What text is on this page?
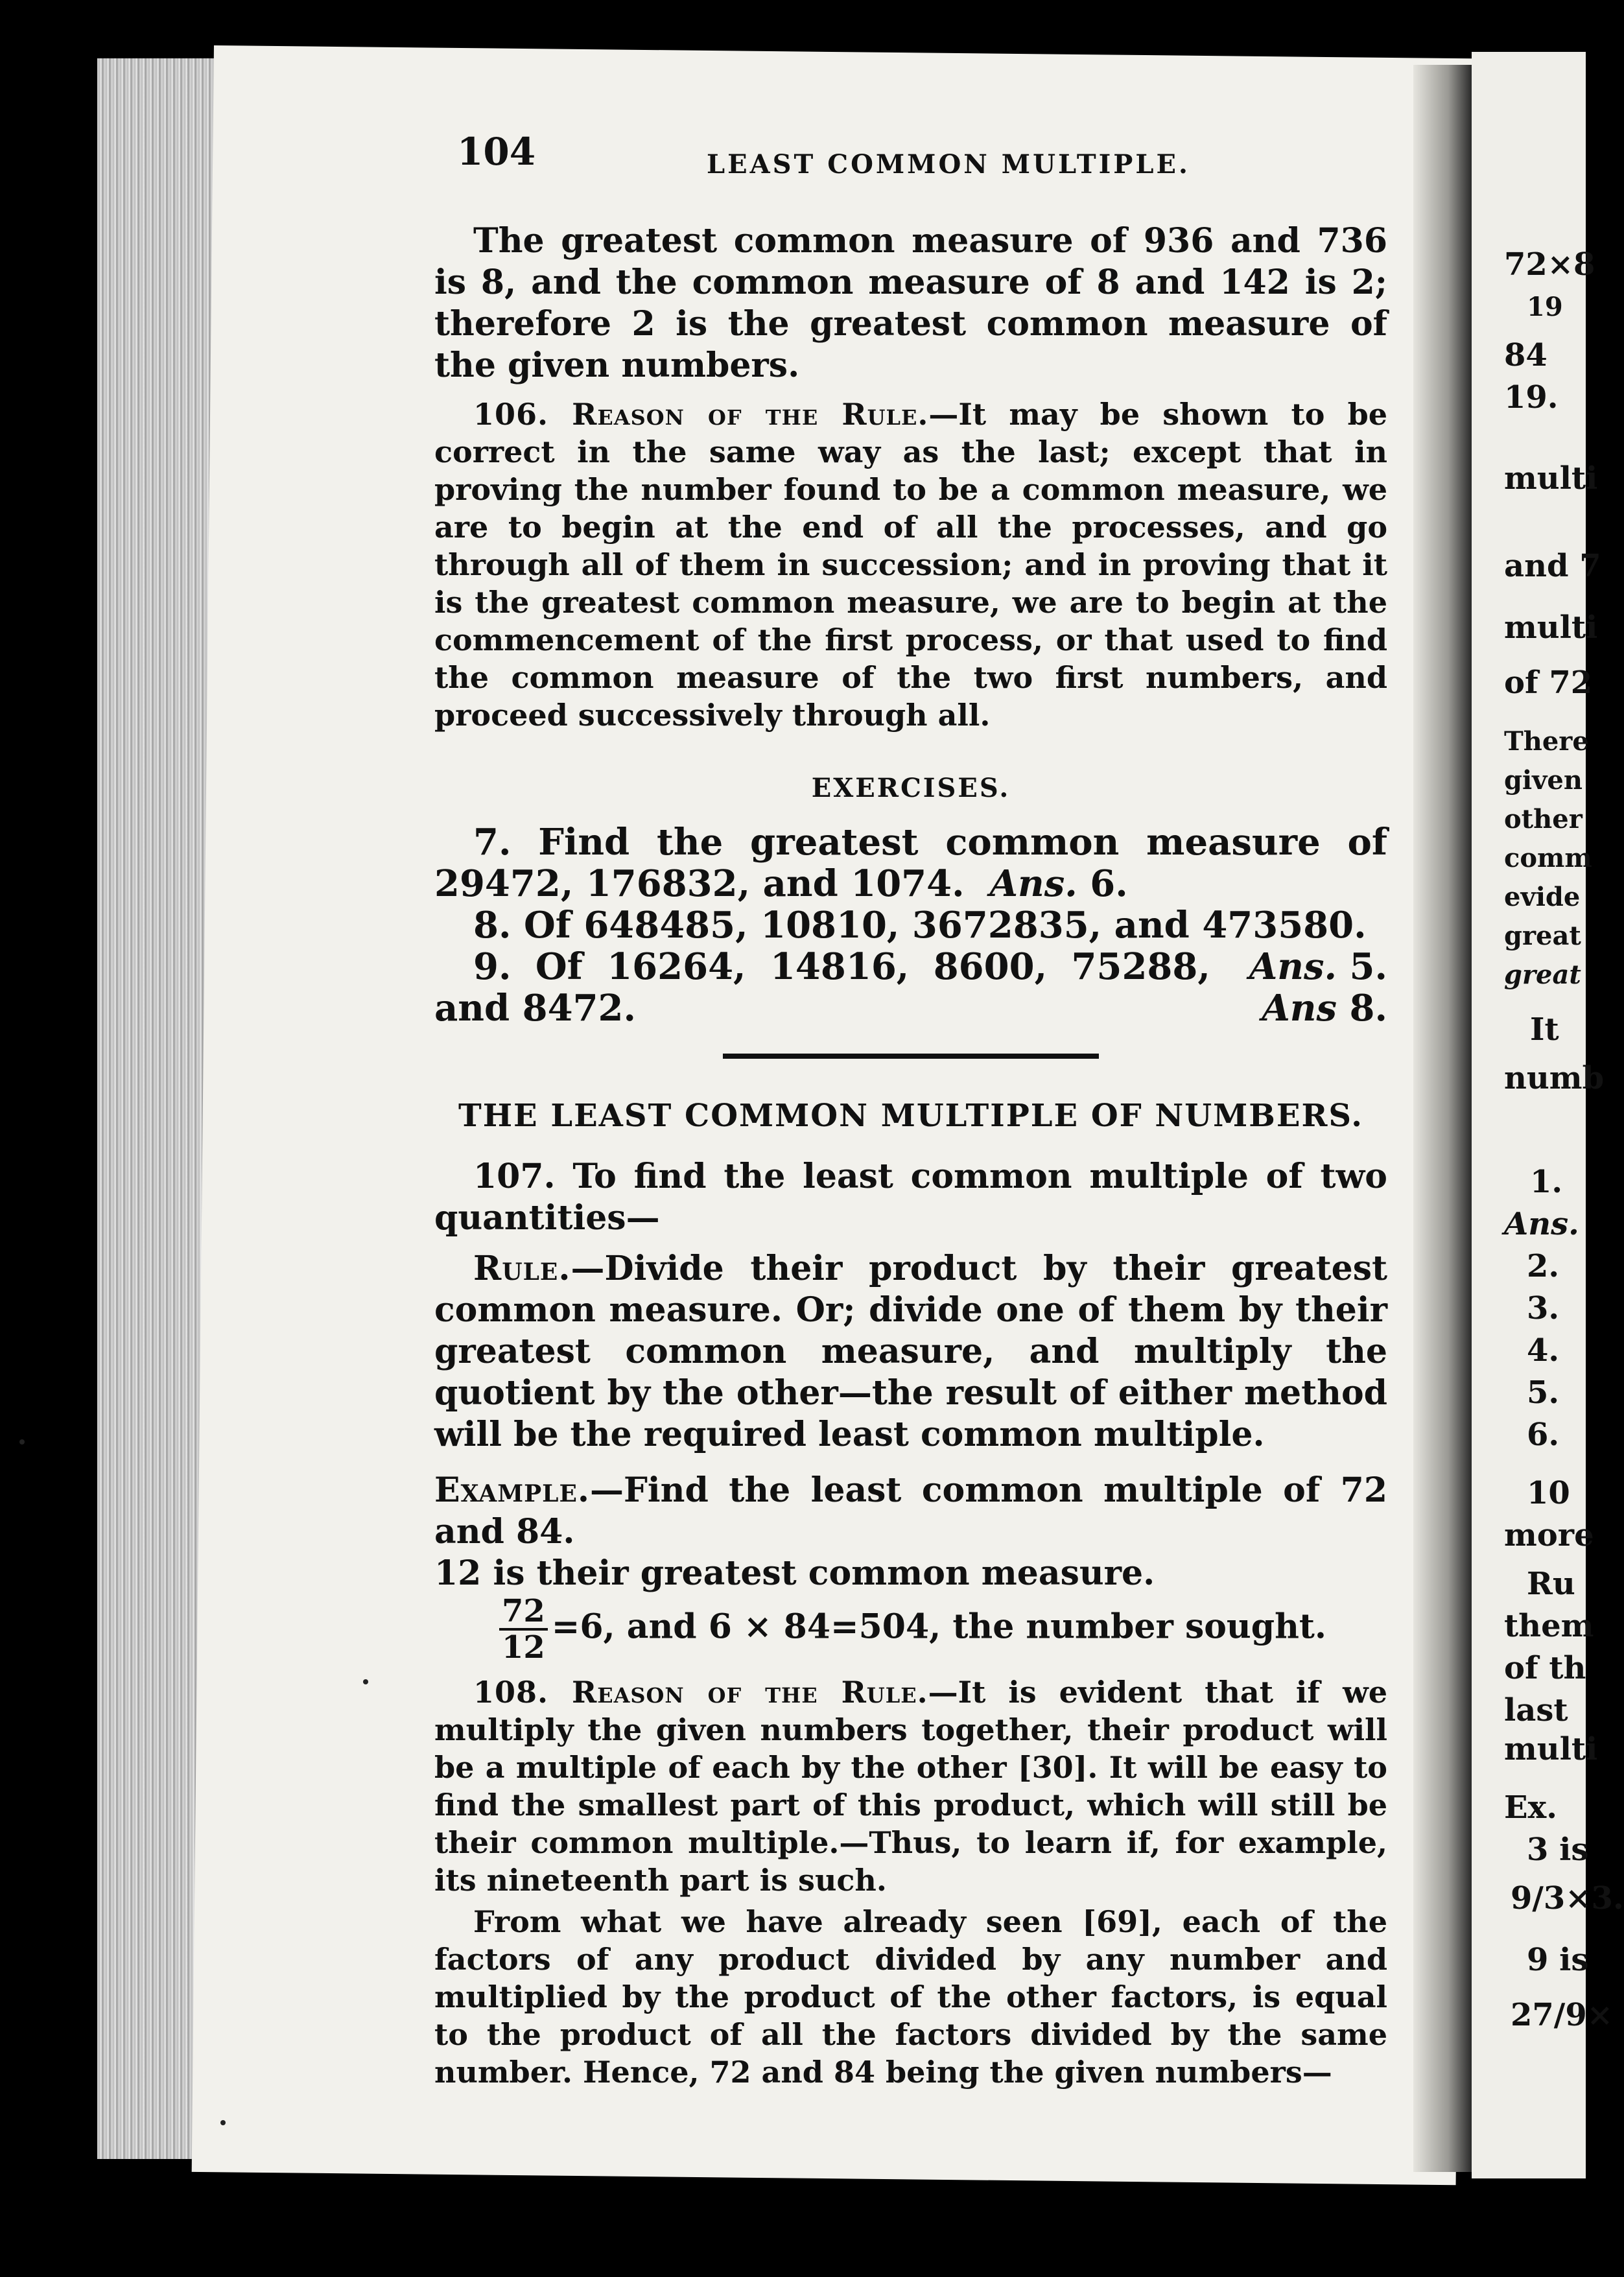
72×8
19
84
19.
multi
and 7
multi
of 72
There
given
other
comm
evide
great
great
It
numb
1.
Ans.
2.
3.
4.
5.
6.
10
more
Ru
them
of th
last
multi
Ex.
3 is
9/3×3.
9 is
27/9×
104	LEAST COMMON MULTIPLE.

The greatest common measure of 936 and 736 is 8, and the common measure of 8 and 142 is 2; therefore 2 is the greatest common measure of the given numbers.

106. Reason of the Rule.—It may be shown to be correct in the same way as the last; except that in proving the number found to be a common measure, we are to begin at the end of all the processes, and go through all of them in succession; and in proving that it is the greatest common measure, we are to begin at the commencement of the first process, or that used to find the common measure of the two first numbers, and proceed successively through all.

EXERCISES.

7. Find the greatest common measure of 29472, 176832, and 1074. Ans. 6.

8. Of 648485, 10810, 3672835, and 473580.
Ans. 5.

9. Of 16264, 14816, 8600, 75288, and 8472.	Ans 8.

THE LEAST COMMON MULTIPLE OF NUMBERS.

107. To find the least common multiple of two quantities—

Rule.—Divide their product by their greatest common measure. Or; divide one of them by their greatest common measure, and multiply the quotient by the other—the result of either method will be the required least common multiple.

Example.—Find the least common multiple of 72 and 84.

12 is their greatest common measure.

$\frac{72}{12} =6$, and 6 × 84=504, the number sought.

108. Reason of the Rule.—It is evident that if we multiply the given numbers together, their product will be a multiple of each by the other [30]. It will be easy to find the smallest part of this product, which will still be their common multiple.—Thus, to learn if, for example, its nineteenth part is such.

From what we have already seen [69], each of the factors of any product divided by any number and multiplied by the product of the other factors, is equal to the product of all the factors divided by the same number. Hence, 72 and 84 being the given numbers—
